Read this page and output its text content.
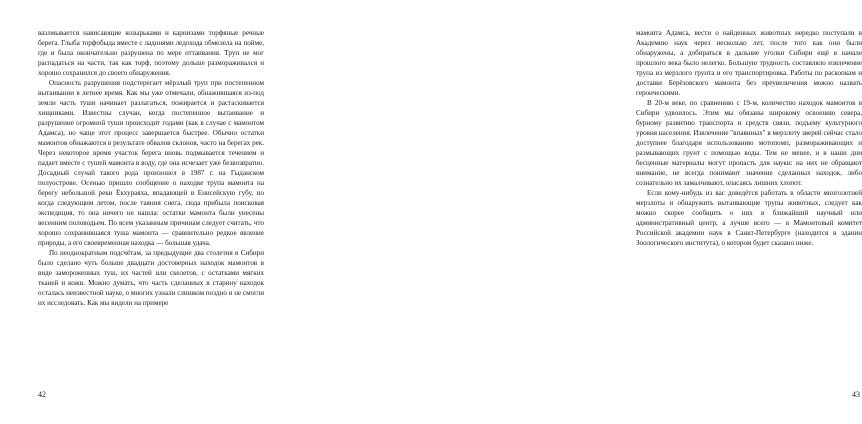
вазлмывается нависающие козырьками и карнизами торфяные речные берега. Глыба торфобыда вместе с ладонями ледохода обмелела на пойме, где и была окончательно разрушена по мере оттаивания. Труп не мог распадаться на части, так как торф, поэтому дольше размораживался и хорошо сохранился до своего обнаружения.

Опасность разрушения подстерегает мёрзлый труп при постепенном вытаивании в летнее время. Как мы уже отмечали, обнажившаяся из-под земли часть туши начинает разлагаться, пожирается и растаскивается хищниками. Известны случаи, когда постепенное вытаивание и разрушение огромной туши происходит годами (как в случае с мамонтом Адамса), но чаще этот процесс завершается быстрее. Обычно остатки мамонтов обнажаются в результате обвалов склонов, часто на берегах рек. Через некоторое время участок берега вновь подмывается течением и падает вместе с тушей мамонта в воду, где она исчезает уже безвозвратно. Досадный случай такого рода произошел в 1987 г. на Гыданском полуострове. Осенью пришло сообщение о находке трупа мамонта на берегу небольшой реки Ёкхураяха, впадающей в Енисейскую губу, но когда следующим летом, после таяния снега, сюда прибыла поисковая экспедиция, то она ничего не нашла: остатки мамонта были унесены весенним половодьем. По всем указанным причинам следует считать, что хорошо сохранившаяся туша мамонта — сравнительно редкое явление природы, а его своевременная находка — большая удача.

По неоднократным подсчётам, за предыдущие два столетия в Сибири было сделано чуть больше двадцати достоверных находок мамонтов в виде замороженных туш, их частей или скелетов, с остатками мягких тканей и кожи. Можно думать, что часть сделанных в старину находок осталась неизвестной науке, о многих узнали слишком поздно и не смогли их исследовать. Как мы видели на примере

42

мамонта Адамса, вести о найденных животных нередко поступали в Академию наук через несколько лет, после того как они были обнаружены, а добираться в дальние уголки Сибири ещё в начале прошлого века было нелегко. Большую трудность составляло извлечение трупа из мерзлого грунта и его транспортировка. Работы по раскопкам и доставке Берёзовского мамонта без преувеличения можно назвать героическими.

В 20-м веке, по сравнению с 19-м, количество находок мамонтов в Сибири удвоилось. Этим мы обязаны широкому освоению севера, бурному развитию транспорта и средств связи, подъему культурного уровня населения. Извлечение "впаянных" в мерзлоту зверей сейчас стало доступнее благодаря использованию мотопомп, размораживающих и размывающих грунт с помощью воды. Тем не менее, и в наши дни бесценные материалы могут пропасть для науки: на них не обращают внимание, не всегда понимают значение сделанных находок, либо сознательно их замалчивают, опасаясь лишних хлопот.

Если кому-нибудь из вас доведётся работать в области многолетней мерзлоты и обнаружить вытаивающие трупы животных, следует как можно скорее сообщить о них в ближайший научный или административный центр, а лучше всего — в Мамонтовый комитет Российской академии наук в Санкт-Петербурге (находится в здании Зоологического института), о котором будет сказано ниже.

43
